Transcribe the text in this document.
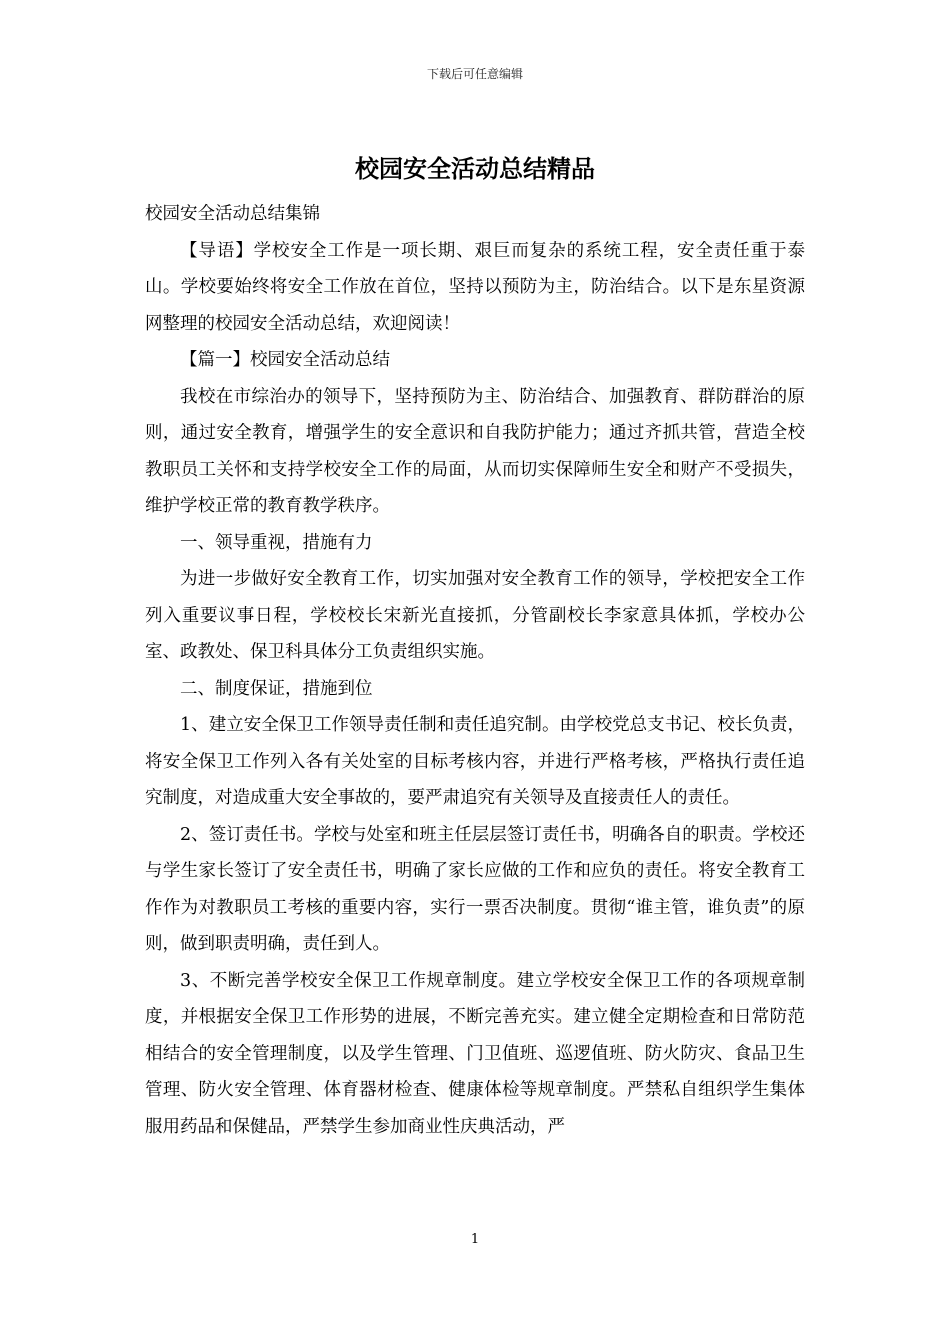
下载后可任意编辑
校园安全活动总结精品

校园安全活动总结集锦

【导语】学校安全工作是一项长期、艰巨而复杂的系统工程，安全责任重于泰山。学校要始终将安全工作放在首位，坚持以预防为主，防治结合。以下是东星资源网整理的校园安全活动总结，欢迎阅读！

【篇一】校园安全活动总结

我校在市综治办的领导下，坚持预防为主、防治结合、加强教育、群防群治的原则，通过安全教育，增强学生的安全意识和自我防护能力；通过齐抓共管，营造全校教职员工关怀和支持学校安全工作的局面，从而切实保障师生安全和财产不受损失，维护学校正常的教育教学秩序。

一、领导重视，措施有力

为进一步做好安全教育工作，切实加强对安全教育工作的领导，学校把安全工作列入重要议事日程，学校校长宋新光直接抓，分管副校长李家意具体抓，学校办公室、政教处、保卫科具体分工负责组织实施。

二、制度保证，措施到位

1、建立安全保卫工作领导责任制和责任追究制。由学校党总支书记、校长负责，将安全保卫工作列入各有关处室的目标考核内容，并进行严格考核，严格执行责任追究制度，对造成重大安全事故的，要严肃追究有关领导及直接责任人的责任。

2、签订责任书。学校与处室和班主任层层签订责任书，明确各自的职责。学校还与学生家长签订了安全责任书，明确了家长应做的工作和应负的责任。将安全教育工作作为对教职员工考核的重要内容，实行一票否决制度。贯彻“谁主管，谁负责”的原则，做到职责明确，责任到人。

3、不断完善学校安全保卫工作规章制度。建立学校安全保卫工作的各项规章制度，并根据安全保卫工作形势的进展，不断完善充实。建立健全定期检查和日常防范相结合的安全管理制度，以及学生管理、门卫值班、巡逻值班、防火防灾、食品卫生管理、防火安全管理、体育器材检查、健康体检等规章制度。严禁私自组织学生集体服用药品和保健品，严禁学生参加商业性庆典活动，严

1
